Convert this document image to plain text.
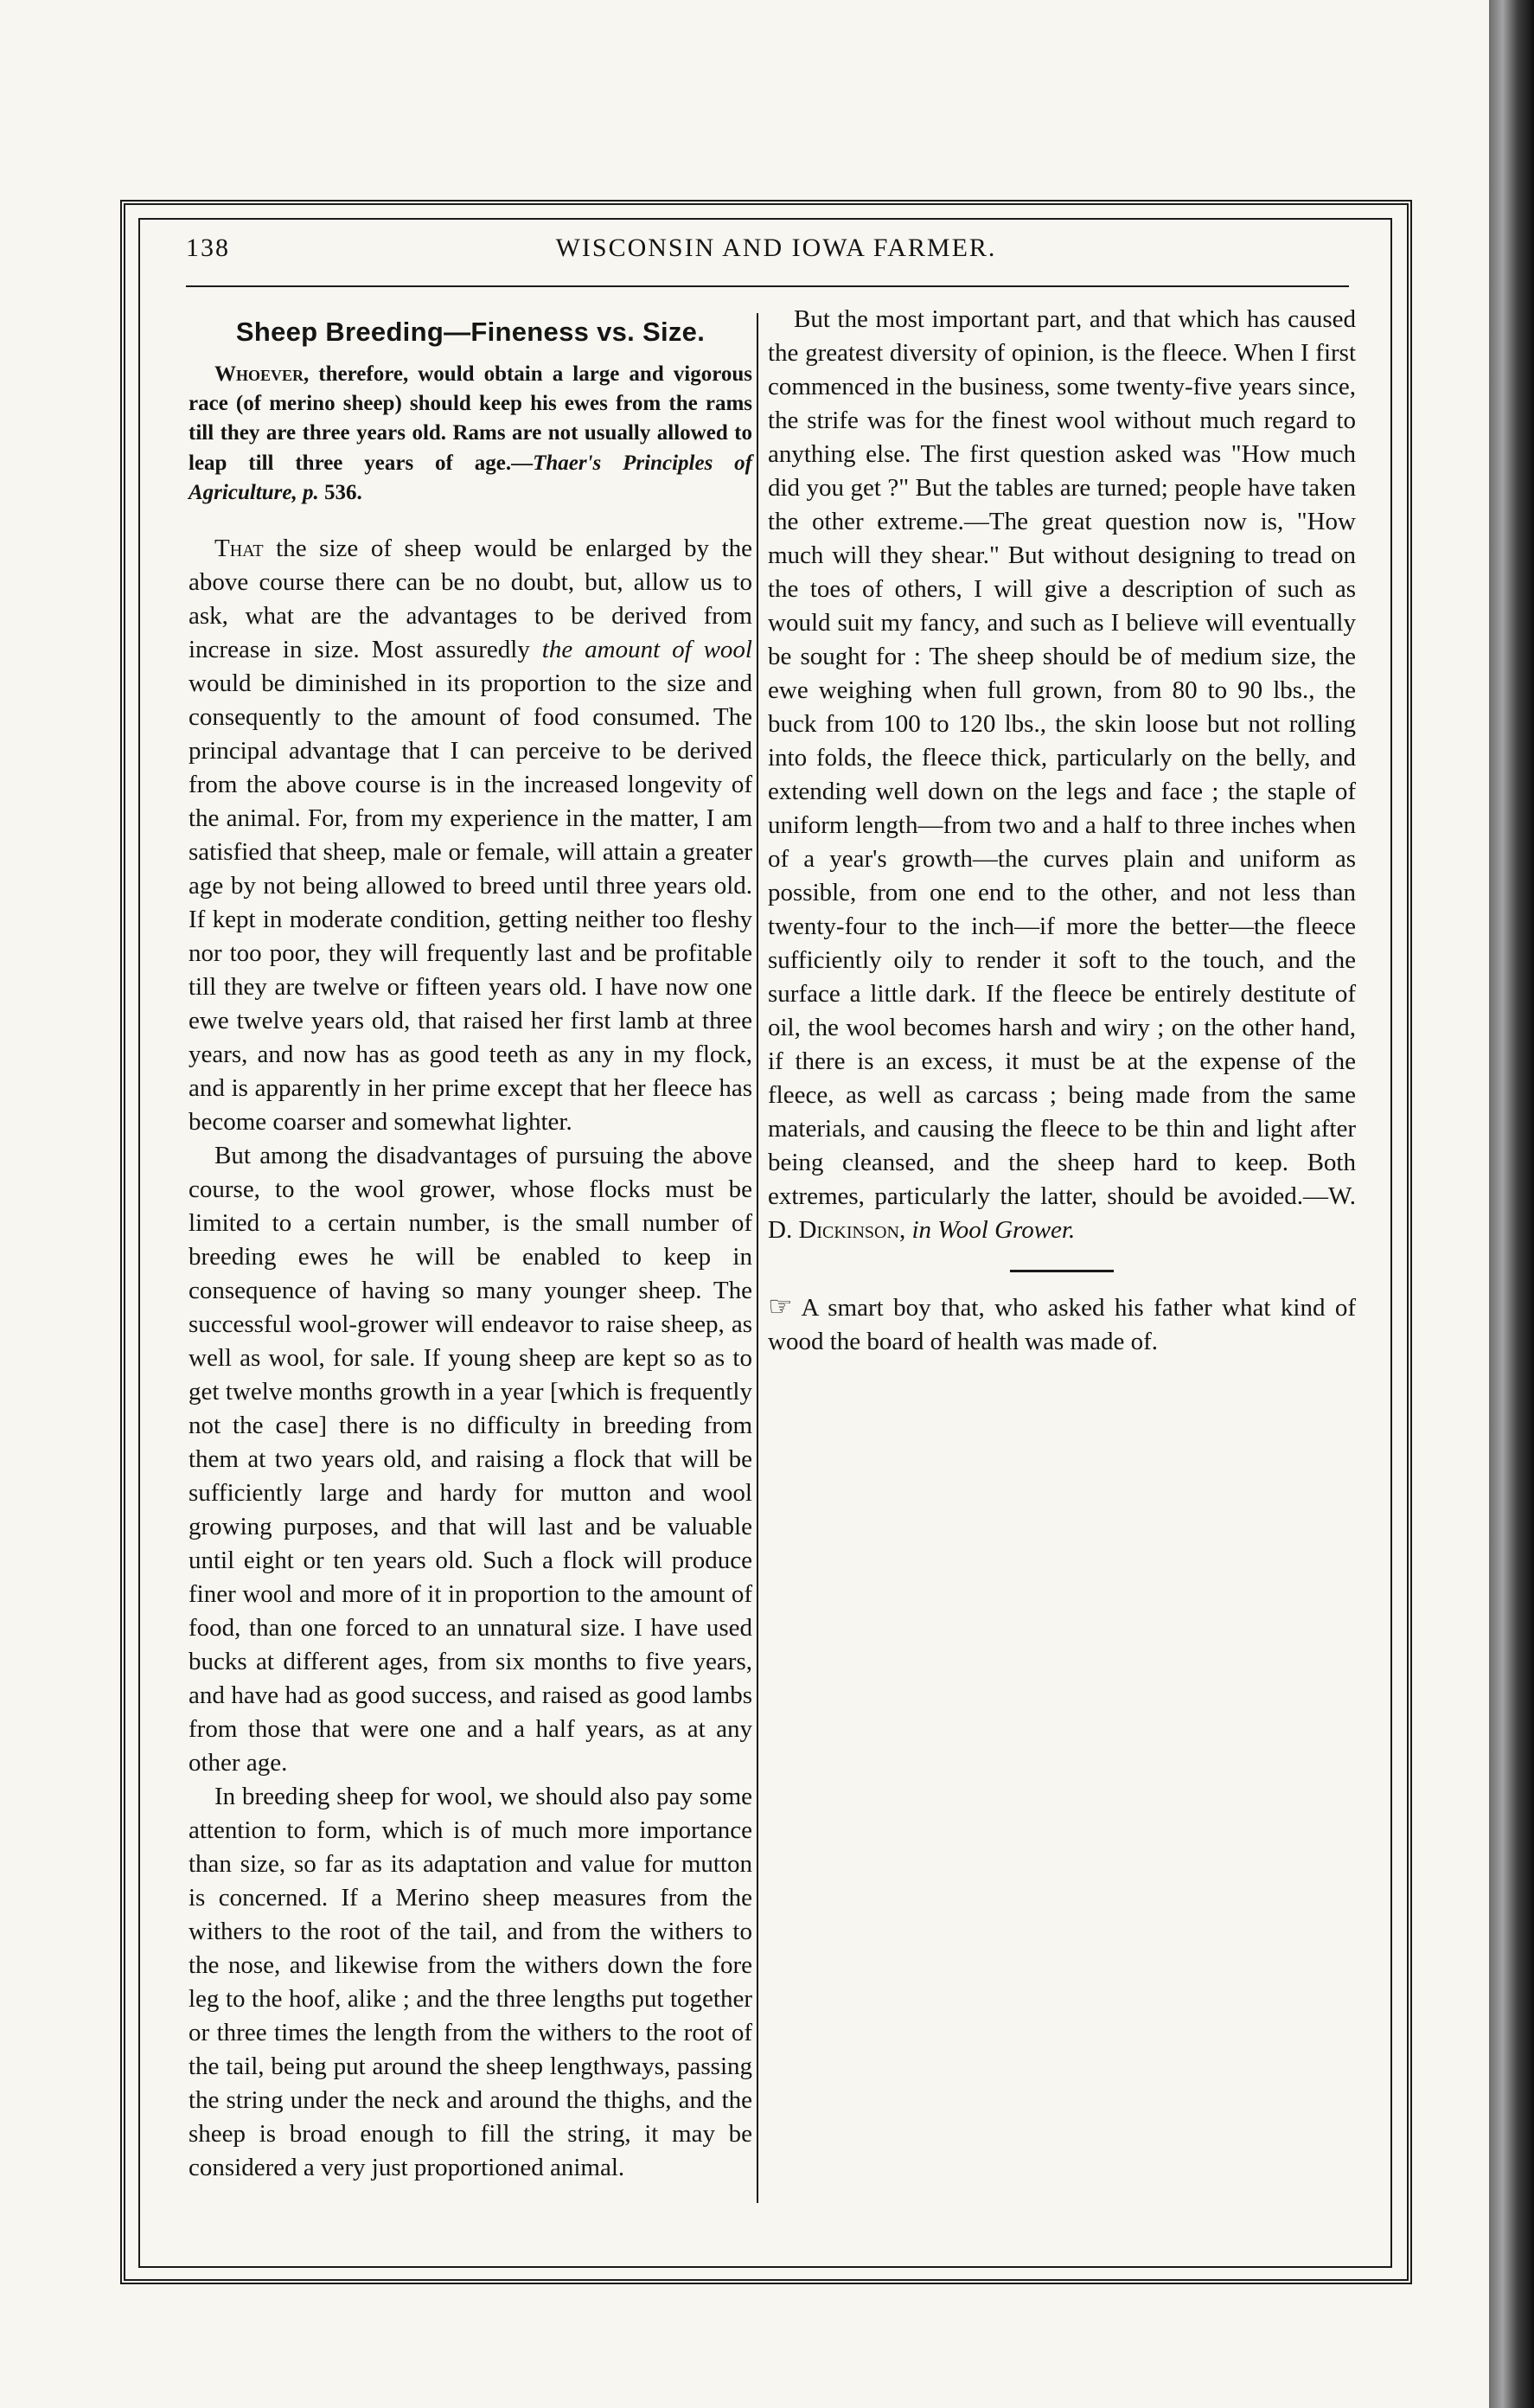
138	WISCONSIN AND IOWA FARMER.
Sheep Breeding—Fineness vs. Size.

Whoever, therefore, would obtain a large and vigorous race (of merino sheep) should keep his ewes from the rams till they are three years old. Rams are not usually allowed to leap till three years of age.—Thaer's Principles of Agriculture, p. 536.

That the size of sheep would be enlarged by the above course there can be no doubt, but, allow us to ask, what are the advantages to be derived from increase in size. Most assuredly the amount of wool would be diminished in its proportion to the size and consequently to the amount of food consumed. The principal advantage that I can perceive to be derived from the above course is in the increased longevity of the animal. For, from my experience in the matter, I am satisfied that sheep, male or female, will attain a greater age by not being allowed to breed until three years old. If kept in moderate condition, getting neither too fleshy nor too poor, they will frequently last and be profitable till they are twelve or fifteen years old. I have now one ewe twelve years old, that raised her first lamb at three years, and now has as good teeth as any in my flock, and is apparently in her prime except that her fleece has become coarser and somewhat lighter.

But among the disadvantages of pursuing the above course, to the wool grower, whose flocks must be limited to a certain number, is the small number of breeding ewes he will be enabled to keep in consequence of having so many younger sheep. The successful wool-grower will endeavor to raise sheep, as well as wool, for sale. If young sheep are kept so as to get twelve months growth in a year [which is frequently not the case] there is no difficulty in breeding from them at two years old, and raising a flock that will be sufficiently large and hardy for mutton and wool growing purposes, and that will last and be valuable until eight or ten years old. Such a flock will produce finer wool and more of it in proportion to the amount of food, than one forced to an unnatural size. I have used bucks at different ages, from six months to five years, and have had as good success, and raised as good lambs from those that were one and a half years, as at any other age.

In breeding sheep for wool, we should also pay some attention to form, which is of much more importance than size, so far as its adaptation and value for mutton is concerned. If a Merino sheep measures from the withers to the root of the tail, and from the withers to the nose, and likewise from the withers down the fore leg to the hoof, alike ; and the three lengths put together or three times the length from the withers to the root of the tail, being put around the sheep lengthways, passing the string under the neck and around the thighs, and the sheep is broad enough to fill the string, it may be considered a very just proportioned animal.

But the most important part, and that which has caused the greatest diversity of opinion, is the fleece. When I first commenced in the business, some twenty-five years since, the strife was for the finest wool without much regard to anything else. The first question asked was "How much did you get ?" But the tables are turned; people have taken the other extreme.—The great question now is, "How much will they shear." But without designing to tread on the toes of others, I will give a description of such as would suit my fancy, and such as I believe will eventually be sought for : The sheep should be of medium size, the ewe weighing when full grown, from 80 to 90 lbs., the buck from 100 to 120 lbs., the skin loose but not rolling into folds, the fleece thick, particularly on the belly, and extending well down on the legs and face ; the staple of uniform length—from two and a half to three inches when of a year's growth—the curves plain and uniform as possible, from one end to the other, and not less than twenty-four to the inch—if more the better—the fleece sufficiently oily to render it soft to the touch, and the surface a little dark. If the fleece be entirely destitute of oil, the wool becomes harsh and wiry ; on the other hand, if there is an excess, it must be at the expense of the fleece, as well as carcass ; being made from the same materials, and causing the fleece to be thin and light after being cleansed, and the sheep hard to keep. Both extremes, particularly the latter, should be avoided.—W. D. Dickinson, in Wool Grower.

☞ A smart boy that, who asked his father what kind of wood the board of health was made of.
